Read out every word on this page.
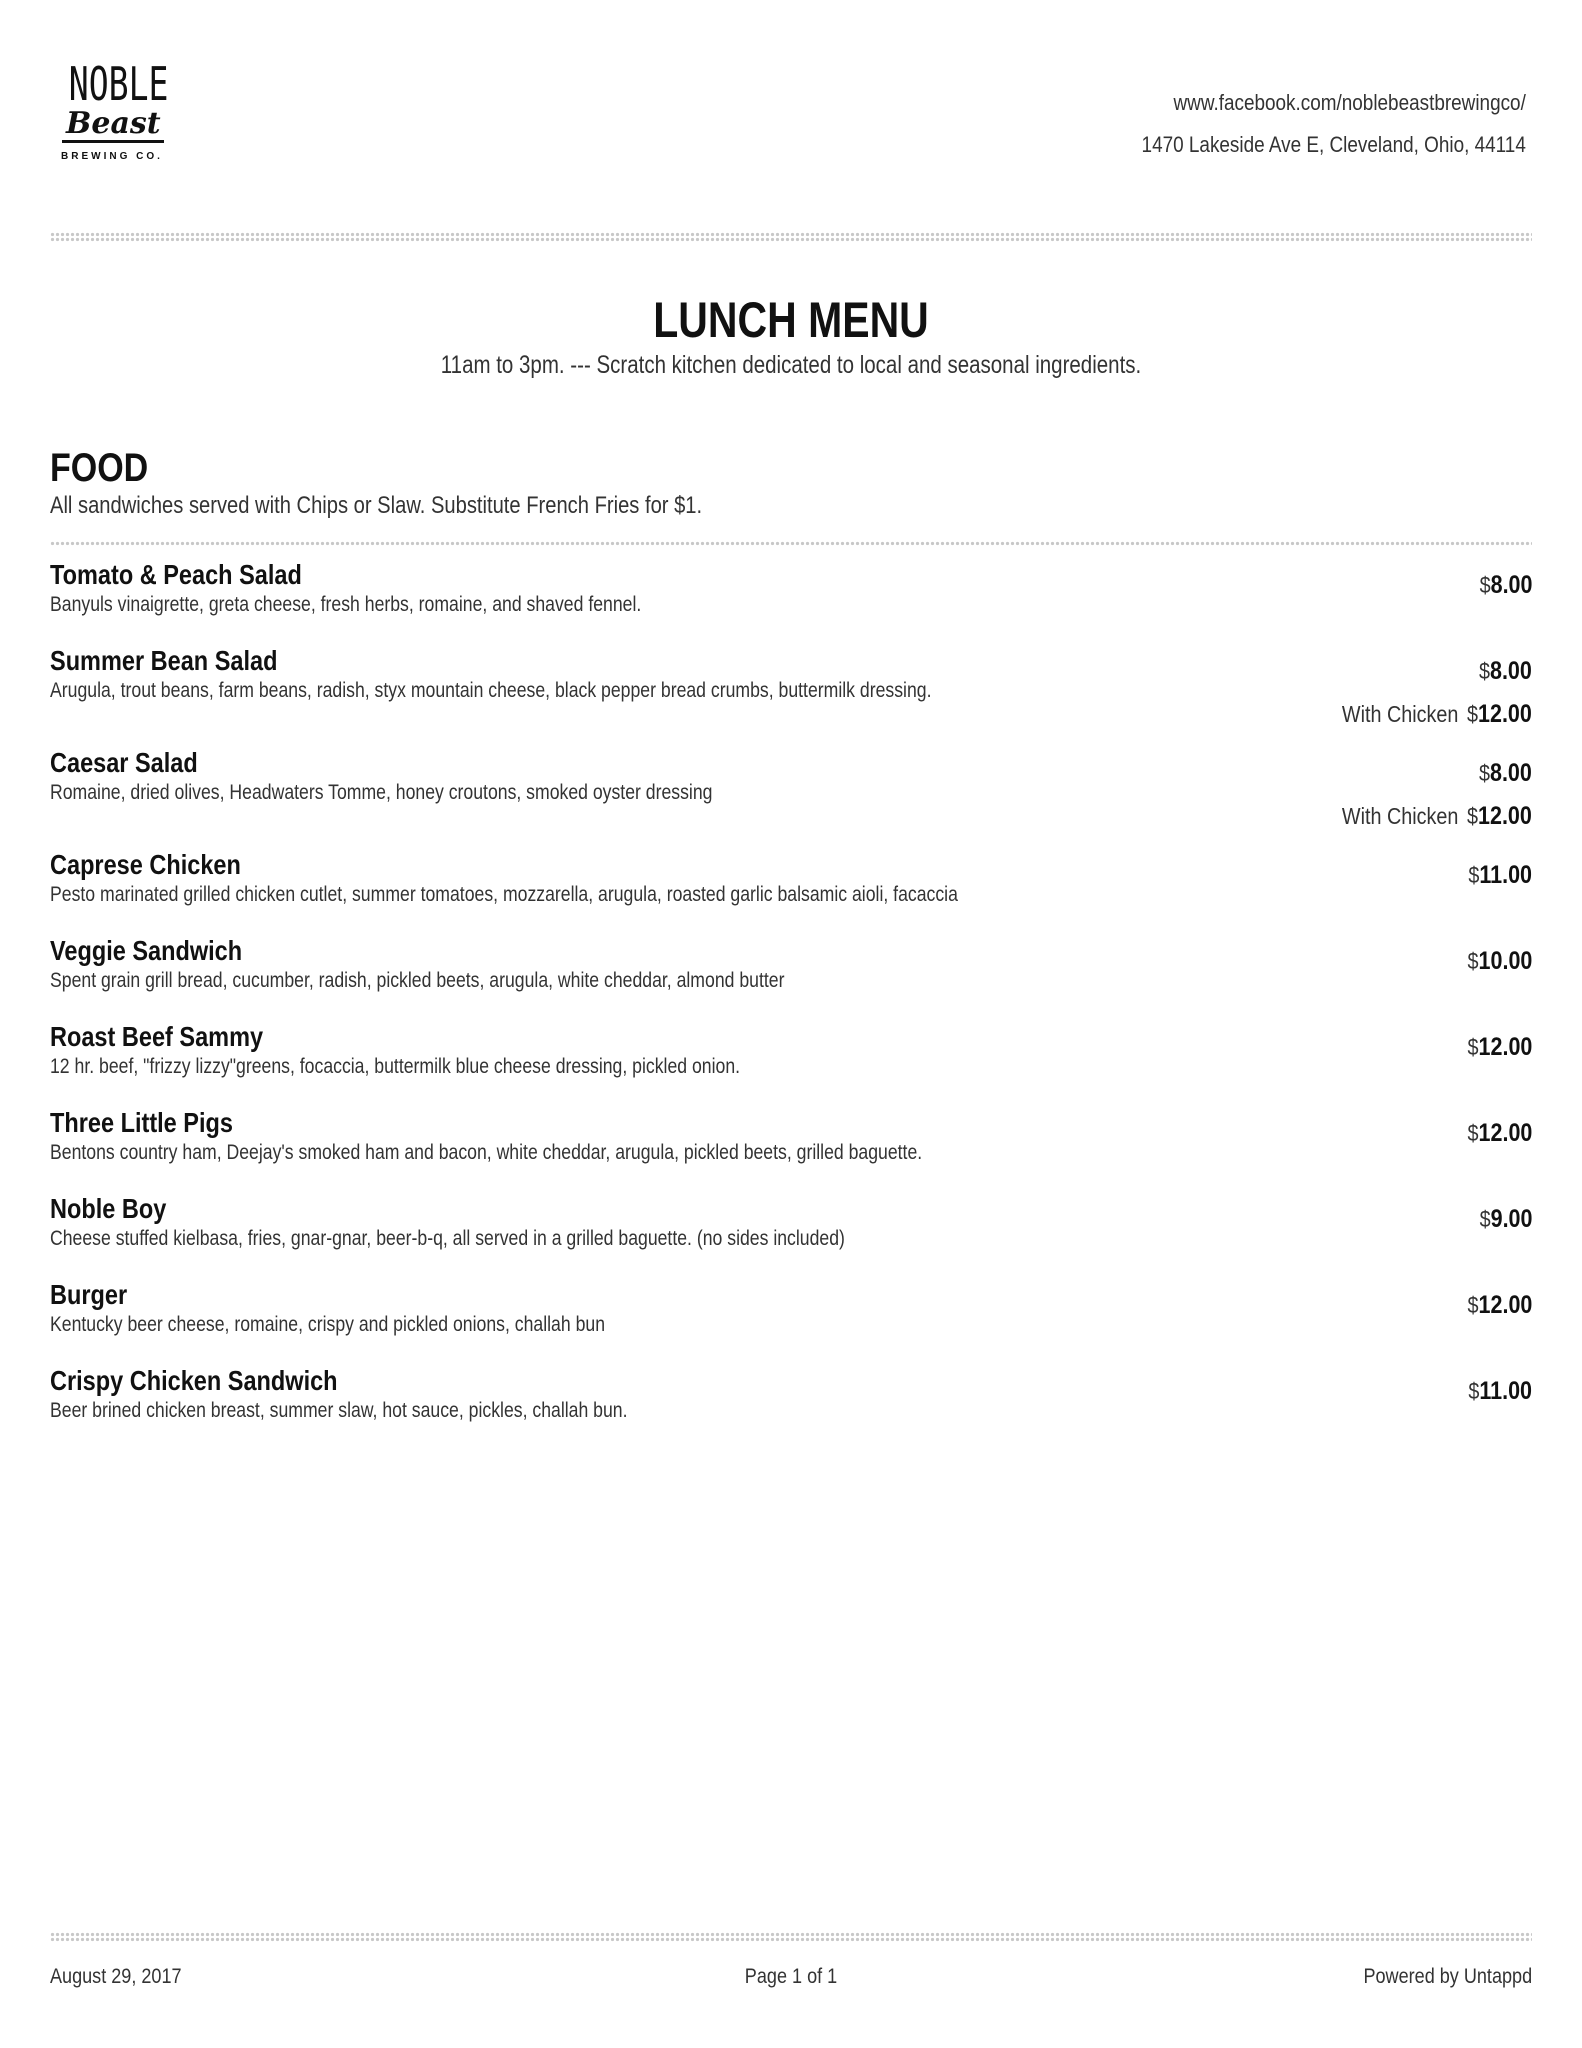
NOBLE
Beast
BREWING CO.
www.facebook.com/noblebeastbrewingco/
1470 Lakeside Ave E, Cleveland, Ohio, 44114
LUNCH MENU
11am to 3pm. --- Scratch kitchen dedicated to local and seasonal ingredients.
FOOD
All sandwiches served with Chips or Slaw. Substitute French Fries for $1.
Tomato & Peach Salad
Banyuls vinaigrette, greta cheese, fresh herbs, romaine, and shaved fennel.
$8.00
Summer Bean Salad
Arugula, trout beans, farm beans, radish, styx mountain cheese, black pepper bread crumbs, buttermilk dressing.
$8.00
With Chicken $12.00
Caesar Salad
Romaine, dried olives, Headwaters Tomme, honey croutons, smoked oyster dressing
$8.00
With Chicken $12.00
Caprese Chicken
Pesto marinated grilled chicken cutlet, summer tomatoes, mozzarella, arugula, roasted garlic balsamic aioli, facaccia
$11.00
Veggie Sandwich
Spent grain grill bread, cucumber, radish, pickled beets, arugula, white cheddar, almond butter
$10.00
Roast Beef Sammy
12 hr. beef, "frizzy lizzy"greens, focaccia, buttermilk blue cheese dressing, pickled onion.
$12.00
Three Little Pigs
Bentons country ham, Deejay's smoked ham and bacon, white cheddar, arugula, pickled beets, grilled baguette.
$12.00
Noble Boy
Cheese stuffed kielbasa, fries, gnar-gnar, beer-b-q, all served in a grilled baguette. (no sides included)
$9.00
Burger
Kentucky beer cheese, romaine, crispy and pickled onions, challah bun
$12.00
Crispy Chicken Sandwich
Beer brined chicken breast, summer slaw, hot sauce, pickles, challah bun.
$11.00
August 29, 2017	Page 1 of 1	Powered by Untappd
